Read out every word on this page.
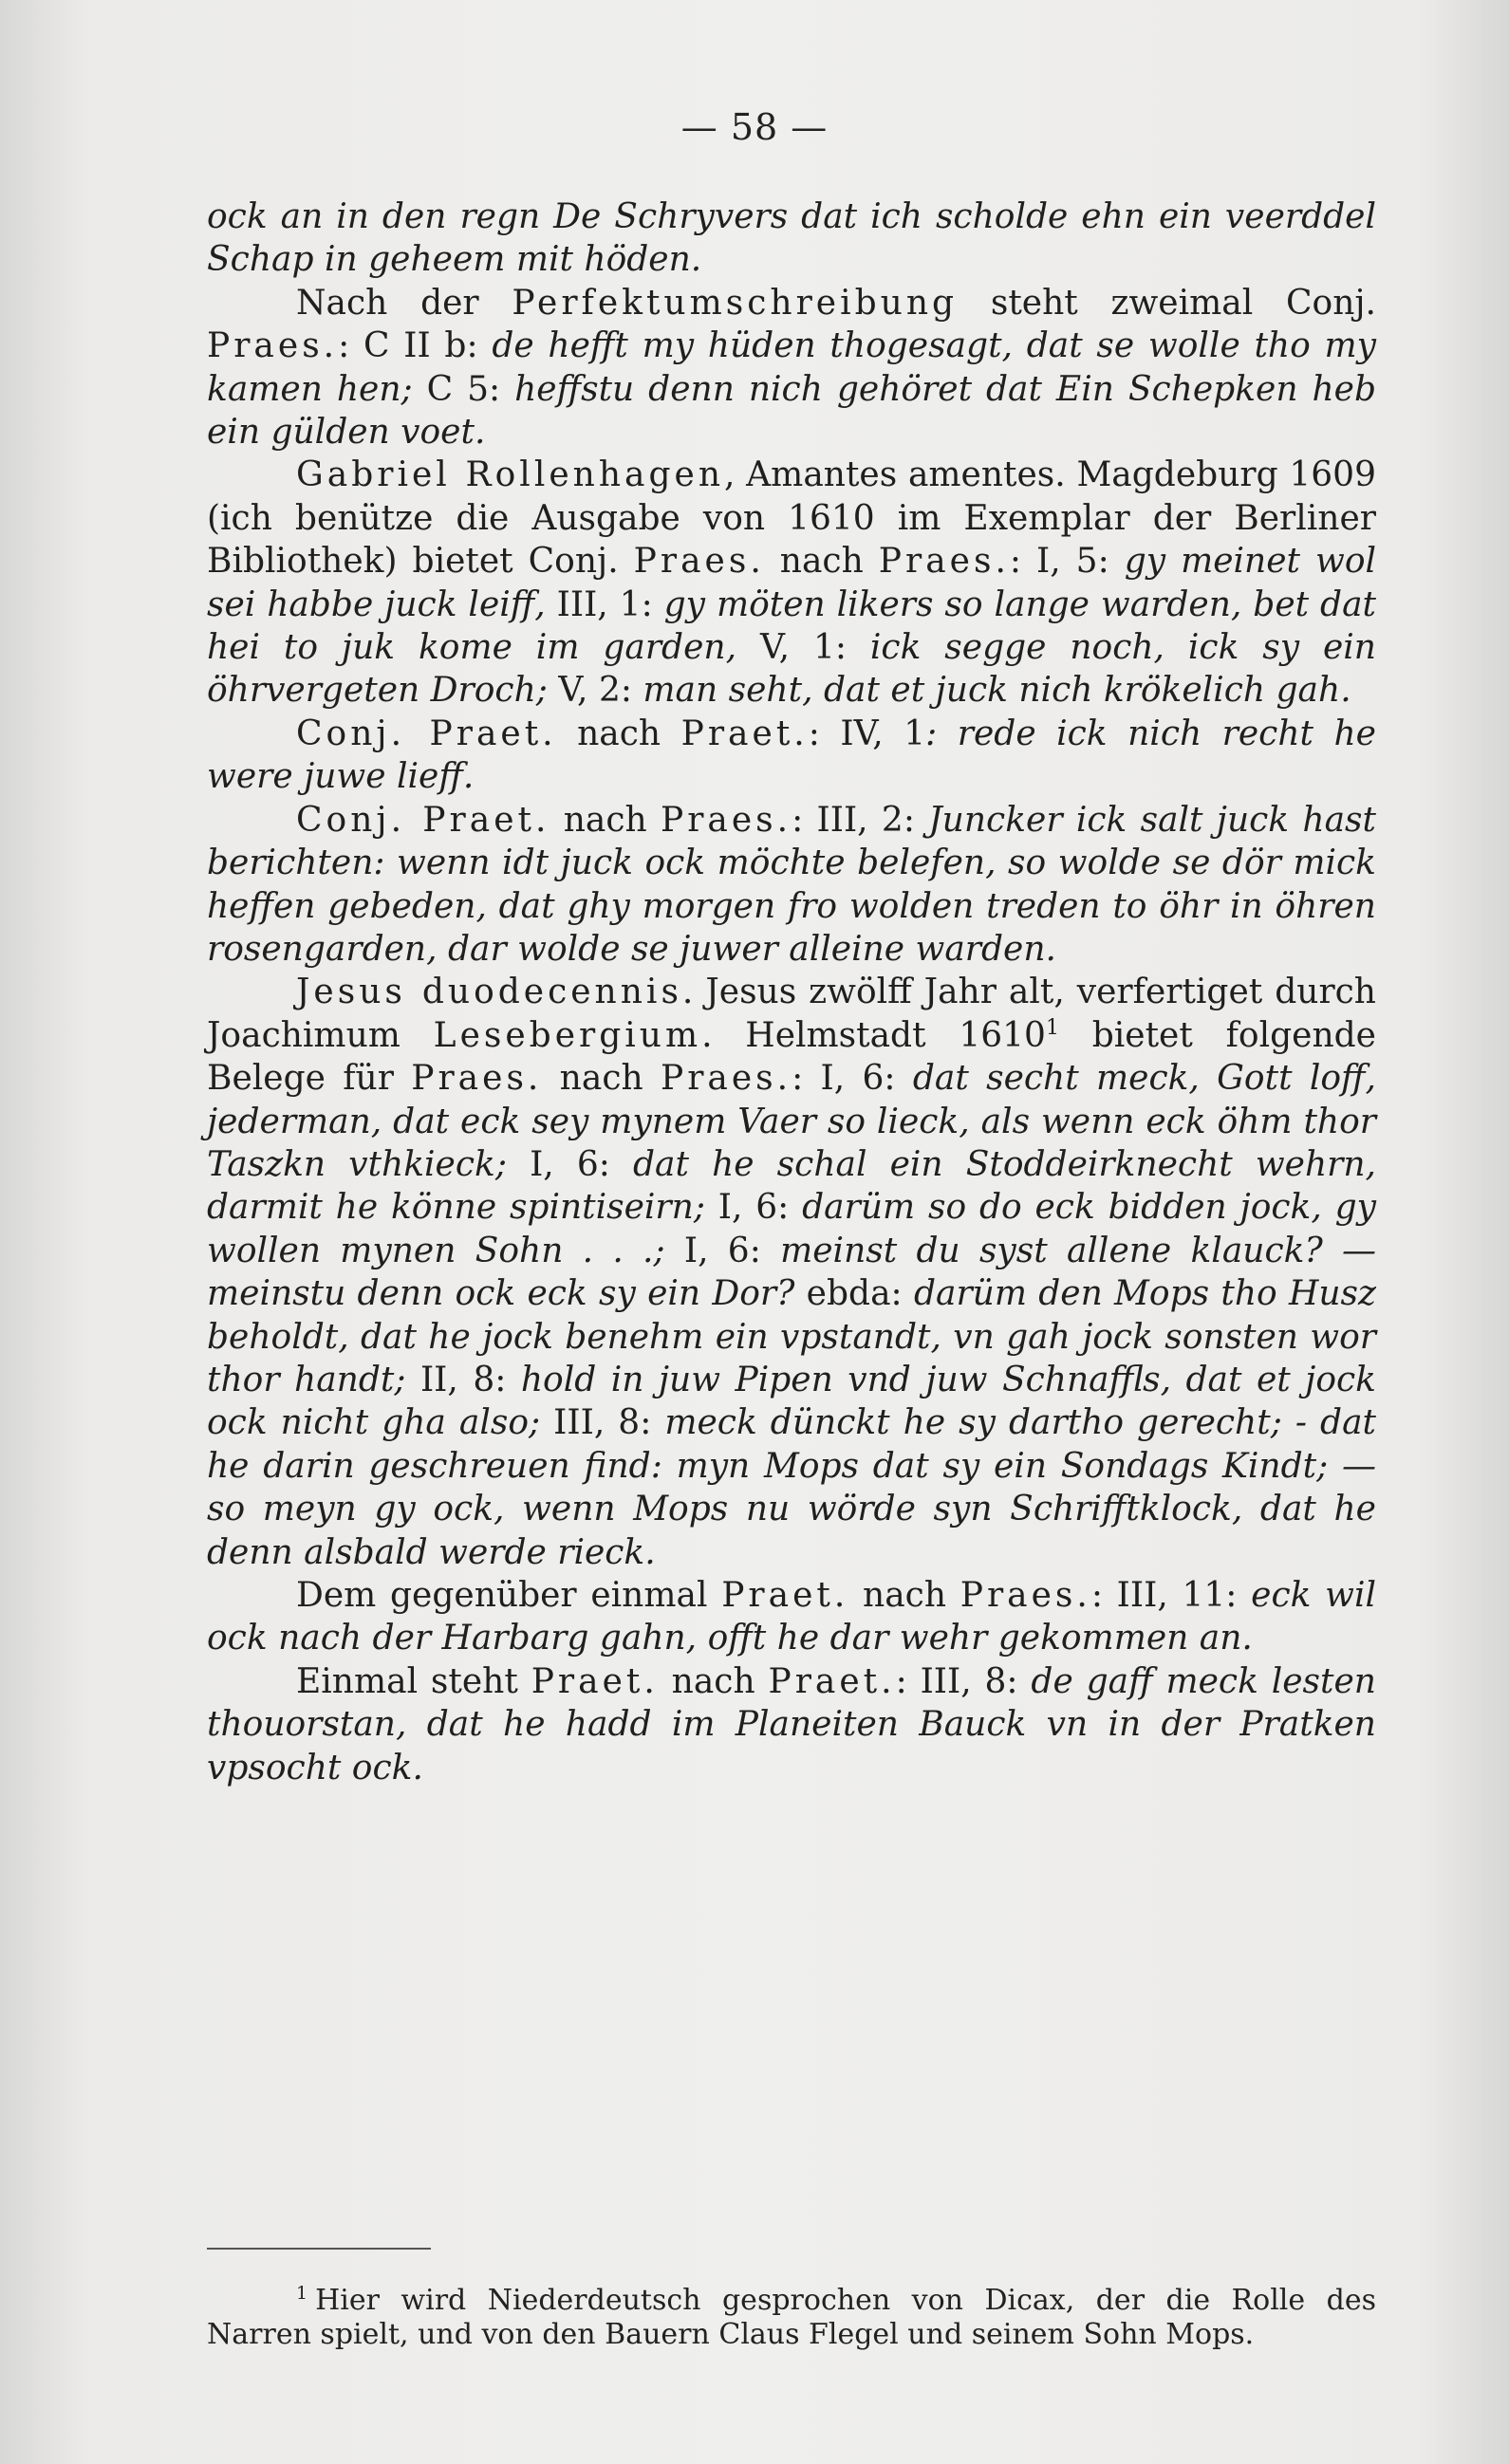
— 58 —

ock an in den regn De Schryvers dat ich scholde ehn ein veerddel Schap in geheem mit höden.

Nach der Perfektumschreibung steht zweimal Conj. Praes.: C II b: de hefft my hüden thogesagt, dat se wolle tho my kamen hen; C 5: heffstu denn nich gehöret dat Ein Schepken heb ein gülden voet.

Gabriel Rollenhagen, Amantes amentes. Magdeburg 1609 (ich benütze die Ausgabe von 1610 im Exemplar der Berliner Bibliothek) bietet Conj. Praes. nach Praes.: I, 5: gy meinet wol sei habbe juck leiff, III, 1: gy möten likers so lange warden, bet dat hei to juk kome im garden, V, 1: ick segge noch, ick sy ein öhrvergeten Droch; V, 2: man seht, dat et juck nich krökelich gah.

Conj. Praet. nach Praet.: IV, 1: rede ick nich recht he were juwe lieff.

Conj. Praet. nach Praes.: III, 2: Juncker ick salt juck hast berichten: wenn idt juck ock möchte belefen, so wolde se dör mick heffen gebeden, dat ghy morgen fro wolden treden to öhr in öhren rosengarden, dar wolde se juwer alleine warden.

Jesus duodecennis. Jesus zwölff Jahr alt, verfertiget durch Joachimum Lesebergium. Helmstadt 1610$^1$ bietet folgende Belege für Praes. nach Praes.: I, 6: dat secht meck, Gott loff, jederman, dat eck sey mynem Vaer so lieck, als wenn eck öhm thor Taszkn vthkieck; I, 6: dat he schal ein Stoddeirknecht wehrn, darmit he könne spintiseirn; I, 6: darüm so do eck bidden jock, gy wollen mynen Sohn . . .; I, 6: meinst du syst allene klauck? — meinstu denn ock eck sy ein Dor? ebda: darüm den Mops tho Husz beholdt, dat he jock benehm ein vpstandt, vn gah jock sonsten wor thor handt; II, 8: hold in juw Pipen vnd juw Schnaffls, dat et jock ock nicht gha also; III, 8: meck dünckt he sy dartho gerecht; - dat he darin geschreuen find: myn Mops dat sy ein Sondags Kindt; — so meyn gy ock, wenn Mops nu wörde syn Schrifftklock, dat he denn alsbald werde rieck.

Dem gegenüber einmal Praet. nach Praes.: III, 11: eck wil ock nach der Harbarg gahn, offt he dar wehr gekommen an.

Einmal steht Praet. nach Praet.: III, 8: de gaff meck lesten thouorstan, dat he hadd im Planeiten Bauck vn in der Pratken vpsocht ock.

$^1$ Hier wird Niederdeutsch gesprochen von Dicax, der die Rolle des Narren spielt, und von den Bauern Claus Flegel und seinem Sohn Mops.
